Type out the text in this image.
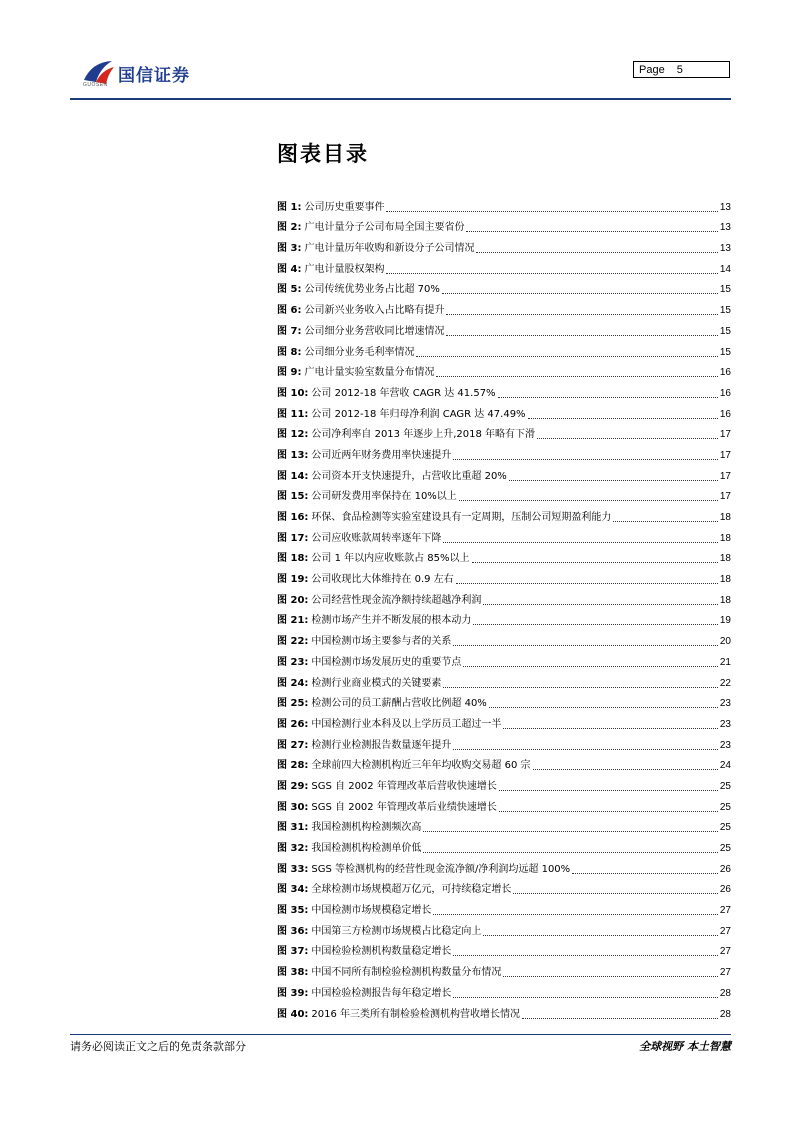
国信证券
GUOSEN
Page 5
图表目录
图 1: 公司历史重要事件	13
图 2: 广电计量分子公司布局全国主要省份	13
图 3: 广电计量历年收购和新设分子公司情况	13
图 4: 广电计量股权架构	14
图 5: 公司传统优势业务占比超 70%	15
图 6: 公司新兴业务收入占比略有提升	15
图 7: 公司细分业务营收同比增速情况	15
图 8: 公司细分业务毛利率情况	15
图 9: 广电计量实验室数量分布情况	16
图 10: 公司 2012-18 年营收 CAGR 达 41.57%	16
图 11: 公司 2012-18 年归母净利润 CAGR 达 47.49%	16
图 12: 公司净利率自 2013 年逐步上升,2018 年略有下滑	17
图 13: 公司近两年财务费用率快速提升	17
图 14: 公司资本开支快速提升，占营收比重超 20%	17
图 15: 公司研发费用率保持在 10%以上	17
图 16: 环保、食品检测等实验室建设具有一定周期，压制公司短期盈利能力	18
图 17: 公司应收账款周转率逐年下降	18
图 18: 公司 1 年以内应收账款占 85%以上	18
图 19: 公司收现比大体维持在 0.9 左右	18
图 20: 公司经营性现金流净额持续超越净利润	18
图 21: 检测市场产生并不断发展的根本动力	19
图 22: 中国检测市场主要参与者的关系	20
图 23: 中国检测市场发展历史的重要节点	21
图 24: 检测行业商业模式的关键要素	22
图 25: 检测公司的员工薪酬占营收比例超 40%	23
图 26: 中国检测行业本科及以上学历员工超过一半	23
图 27: 检测行业检测报告数量逐年提升	23
图 28: 全球前四大检测机构近三年年均收购交易超 60 宗	24
图 29: SGS 自 2002 年管理改革后营收快速增长	25
图 30: SGS 自 2002 年管理改革后业绩快速增长	25
图 31: 我国检测机构检测频次高	25
图 32: 我国检测机构检测单价低	25
图 33: SGS 等检测机构的经营性现金流净额/净利润均远超 100%	26
图 34: 全球检测市场规模超万亿元，可持续稳定增长	26
图 35: 中国检测市场规模稳定增长	27
图 36: 中国第三方检测市场规模占比稳定向上	27
图 37: 中国检验检测机构数量稳定增长	27
图 38: 中国不同所有制检验检测机构数量分布情况	27
图 39: 中国检验检测报告每年稳定增长	28
图 40: 2016 年三类所有制检验检测机构营收增长情况	28
请务必阅读正文之后的免责条款部分	全球视野 本土智慧
